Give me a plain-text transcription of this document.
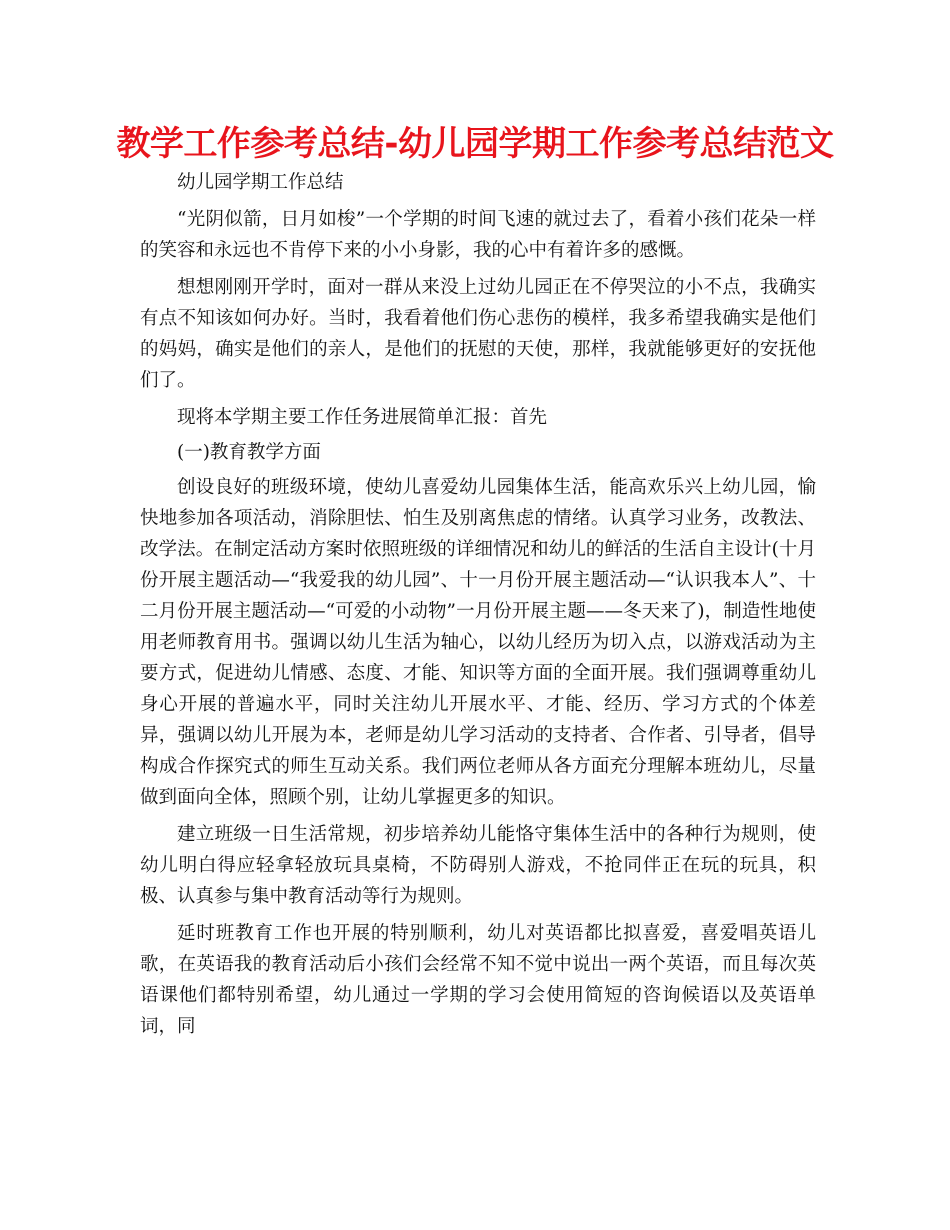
教学工作参考总结-幼儿园学期工作参考总结范文

幼儿园学期工作总结

“光阴似箭，日月如梭”一个学期的时间飞速的就过去了，看着小孩们花朵一样的笑容和永远也不肯停下来的小小身影，我的心中有着许多的感慨。

想想刚刚开学时，面对一群从来没上过幼儿园正在不停哭泣的小不点，我确实有点不知该如何办好。当时，我看着他们伤心悲伤的模样，我多希望我确实是他们的妈妈，确实是他们的亲人，是他们的抚慰的天使，那样，我就能够更好的安抚他们了。

现将本学期主要工作任务进展简单汇报：首先

(一)教育教学方面

创设良好的班级环境，使幼儿喜爱幼儿园集体生活，能高欢乐兴上幼儿园，愉快地参加各项活动，消除胆怯、怕生及别离焦虑的情绪。认真学习业务，改教法、改学法。在制定活动方案时依照班级的详细情况和幼儿的鲜活的生活自主设计(十月份开展主题活动—“我爱我的幼儿园”、十一月份开展主题活动—“认识我本人”、十二月份开展主题活动—“可爱的小动物”一月份开展主题——冬天来了)，制造性地使用老师教育用书。强调以幼儿生活为轴心，以幼儿经历为切入点，以游戏活动为主要方式，促进幼儿情感、态度、才能、知识等方面的全面开展。我们强调尊重幼儿身心开展的普遍水平，同时关注幼儿开展水平、才能、经历、学习方式的个体差异，强调以幼儿开展为本，老师是幼儿学习活动的支持者、合作者、引导者，倡导构成合作探究式的师生互动关系。我们两位老师从各方面充分理解本班幼儿，尽量做到面向全体，照顾个别，让幼儿掌握更多的知识。

建立班级一日生活常规，初步培养幼儿能恪守集体生活中的各种行为规则，使幼儿明白得应轻拿轻放玩具桌椅，不防碍别人游戏，不抢同伴正在玩的玩具，积极、认真参与集中教育活动等行为规则。

延时班教育工作也开展的特别顺利，幼儿对英语都比拟喜爱，喜爱唱英语儿歌，在英语我的教育活动后小孩们会经常不知不觉中说出一两个英语，而且每次英语课他们都特别希望，幼儿通过一学期的学习会使用简短的咨询候语以及英语单词，同
